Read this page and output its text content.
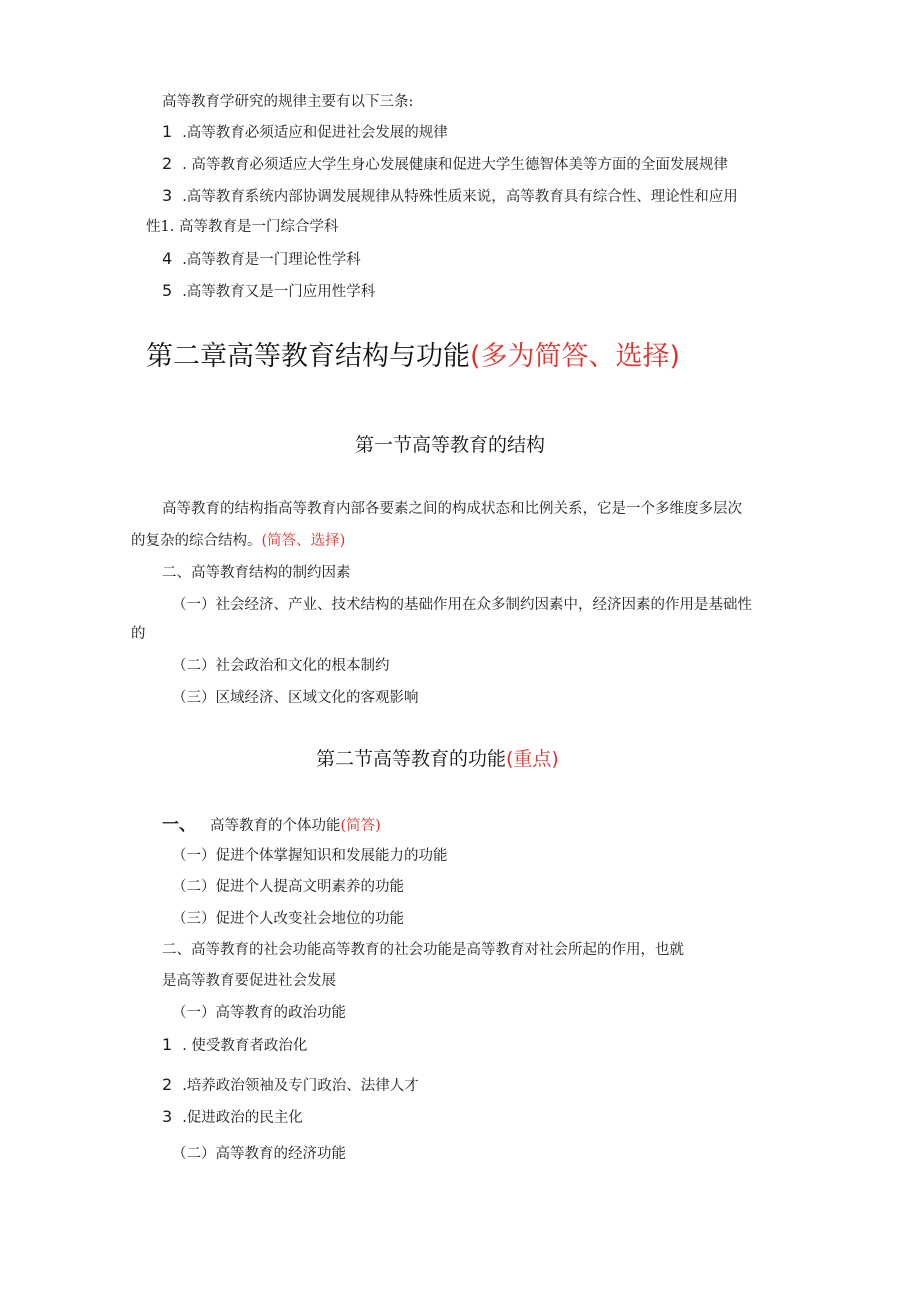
高等教育学研究的规律主要有以下三条:
1 .高等教育必须适应和促进社会发展的规律
2 . 高等教育必须适应大学生身心发展健康和促进大学生德智体美等方面的全面发展规律
3 .高等教育系统内部协调发展规律从特殊性质来说，高等教育具有综合性、理论性和应用
性1. 高等教育是一门综合学科
4 .高等教育是一门理论性学科
5 .高等教育又是一门应用性学科
第二章高等教育结构与功能(多为简答、选择)
第一节高等教育的结构
高等教育的结构指高等教育内部各要素之间的构成状态和比例关系，它是一个多维度多层次
的复杂的综合结构。(简答、选择)
二、高等教育结构的制约因素
（一）社会经济、产业、技术结构的基础作用在众多制约因素中，经济因素的作用是基础性
的
（二）社会政治和文化的根本制约
（三）区域经济、区域文化的客观影响
第二节高等教育的功能(重点)
一、 高等教育的个体功能(简答)
（一）促进个体掌握知识和发展能力的功能
（二）促进个人提高文明素养的功能
（三）促进个人改变社会地位的功能
二、高等教育的社会功能高等教育的社会功能是高等教育对社会所起的作用，也就
是高等教育要促进社会发展
（一）高等教育的政治功能
1 . 使受教育者政治化
2 .培养政治领袖及专门政治、法律人才
3 .促进政治的民主化
（二）高等教育的经济功能
